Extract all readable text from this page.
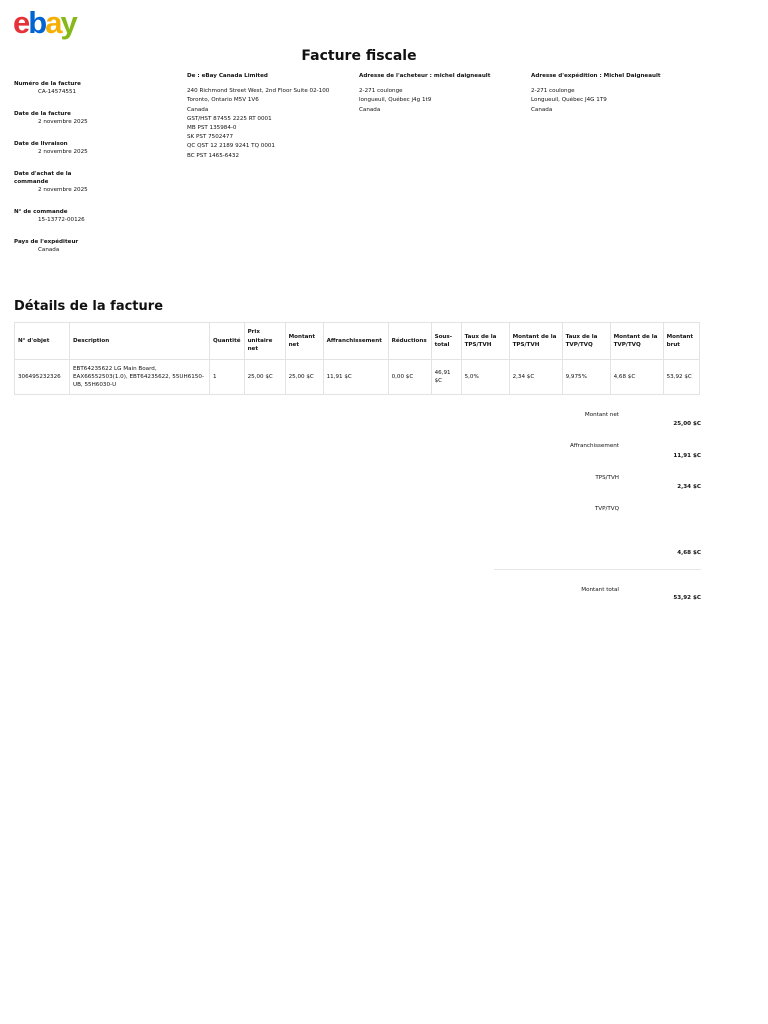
ebay
Facture fiscale
Numéro de la facture
CA-14574551
Date de la facture
2 novembre 2025
Date de livraison
2 novembre 2025
Date d'achat de la commande
2 novembre 2025
N° de commande
15-13772-00126
Pays de l'expéditeur
Canada
De : eBay Canada Limited
240 Richmond Street West, 2nd Floor Suite 02-100
Toronto, Ontario M5V 1V6
Canada
GST/HST 87455 2225 RT 0001
MB PST 135984-0
SK PST 7502477
QC QST 12 2189 9241 TQ 0001
BC PST 1465-6432
Adresse de l'acheteur : michel daigneault
2-271 coulonge
longueuil, Québec j4g 1t9
Canada
Adresse d'expédition : Michel Daigneault
2-271 coulonge
Longueuil, Québec J4G 1T9
Canada
Détails de la facture
N° d'objet	Description	Quantité	Prix unitaire net	Montant net	Affranchissement	Réductions	Sous-total	Taux de la TPS/TVH	Montant de la TPS/TVH	Taux de la TVP/TVQ	Montant de la TVP/TVQ	Montant brut
306495232326	EBT64235622 LG Main Board, EAX66552503(1.0), EBT64235622, 55UH6150-UB, 55H6030-U	1	25,00 $C	25,00 $C	11,91 $C	0,00 $C	46,91 $C	5,0%	2,34 $C	9,975%	4,68 $C	53,92 $C
Montant net
25,00 $C
Affranchissement
11,91 $C
TPS/TVH
2,34 $C
TVP/TVQ
4,68 $C
Montant total
53,92 $C
